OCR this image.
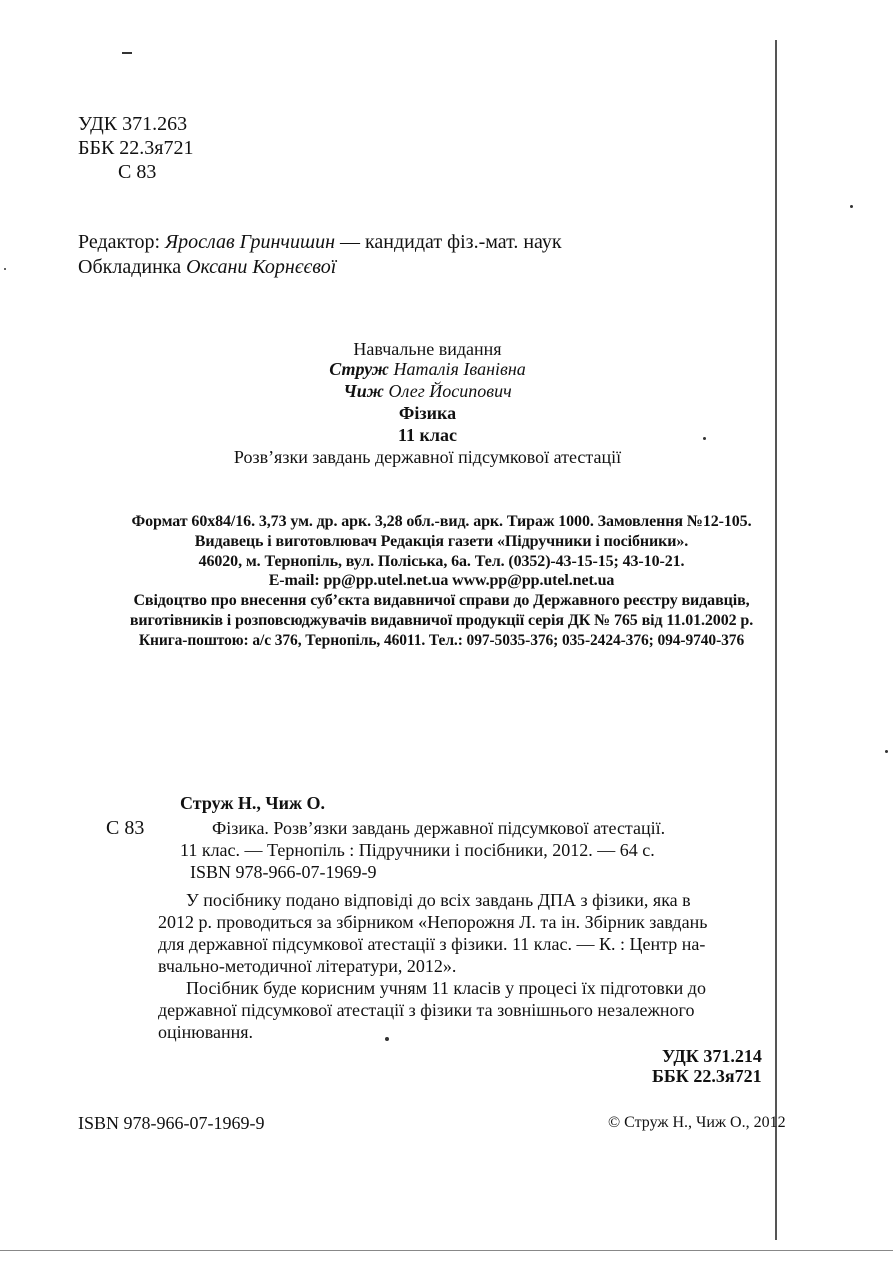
УДК 371.263
ББК 22.3я721
С 83
Редактор: Ярослав Гринчишин — кандидат фіз.-мат. наук
Обкладинка Оксани Корнєєвої
Навчальне видання
Струж Наталія Іванівна
Чиж Олег Йосипович
Фізика
11 клас
Розв’язки завдань державної підсумкової атестації
Формат 60х84/16. 3,73 ум. др. арк. 3,28 обл.-вид. арк. Тираж 1000. Замовлення №12-105.
Видавець і виготовлювач Редакція газети «Підручники і посібники».
46020, м. Тернопіль, вул. Поліська, 6а. Тел. (0352)-43-15-15; 43-10-21.
E-mail: pp@pp.utel.net.ua www.pp@pp.utel.net.ua
Свідоцтво про внесення суб’єкта видавничої справи до Державного реєстру видавців,
виготівників і розповсюджувачів видавничої продукції серія ДК № 765 від 11.01.2002 р.
Книга-поштою: а/с 376, Тернопіль, 46011. Тел.: 097-5035-376; 035-2424-376; 094-9740-376
Струж Н., Чиж О.
С 83	Фізика. Розв’язки завдань державної підсумкової атестації.
11 клас. — Тернопіль : Підручники і посібники, 2012. — 64 с.
ISBN 978-966-07-1969-9
У посібнику подано відповіді до всіх завдань ДПА з фізики, яка в
2012 р. проводиться за збірником «Непорожня Л. та ін. Збірник завдань
для державної підсумкової атестації з фізики. 11 клас. — К. : Центр на-
вчально-методичної літератури, 2012».
Посібник буде корисним учням 11 класів у процесі їх підготовки до
державної підсумкової атестації з фізики та зовнішнього незалежного
оцінювання.
УДК 371.214
ББК 22.3я721
ISBN 978-966-07-1969-9	© Струж Н., Чиж О., 2012
